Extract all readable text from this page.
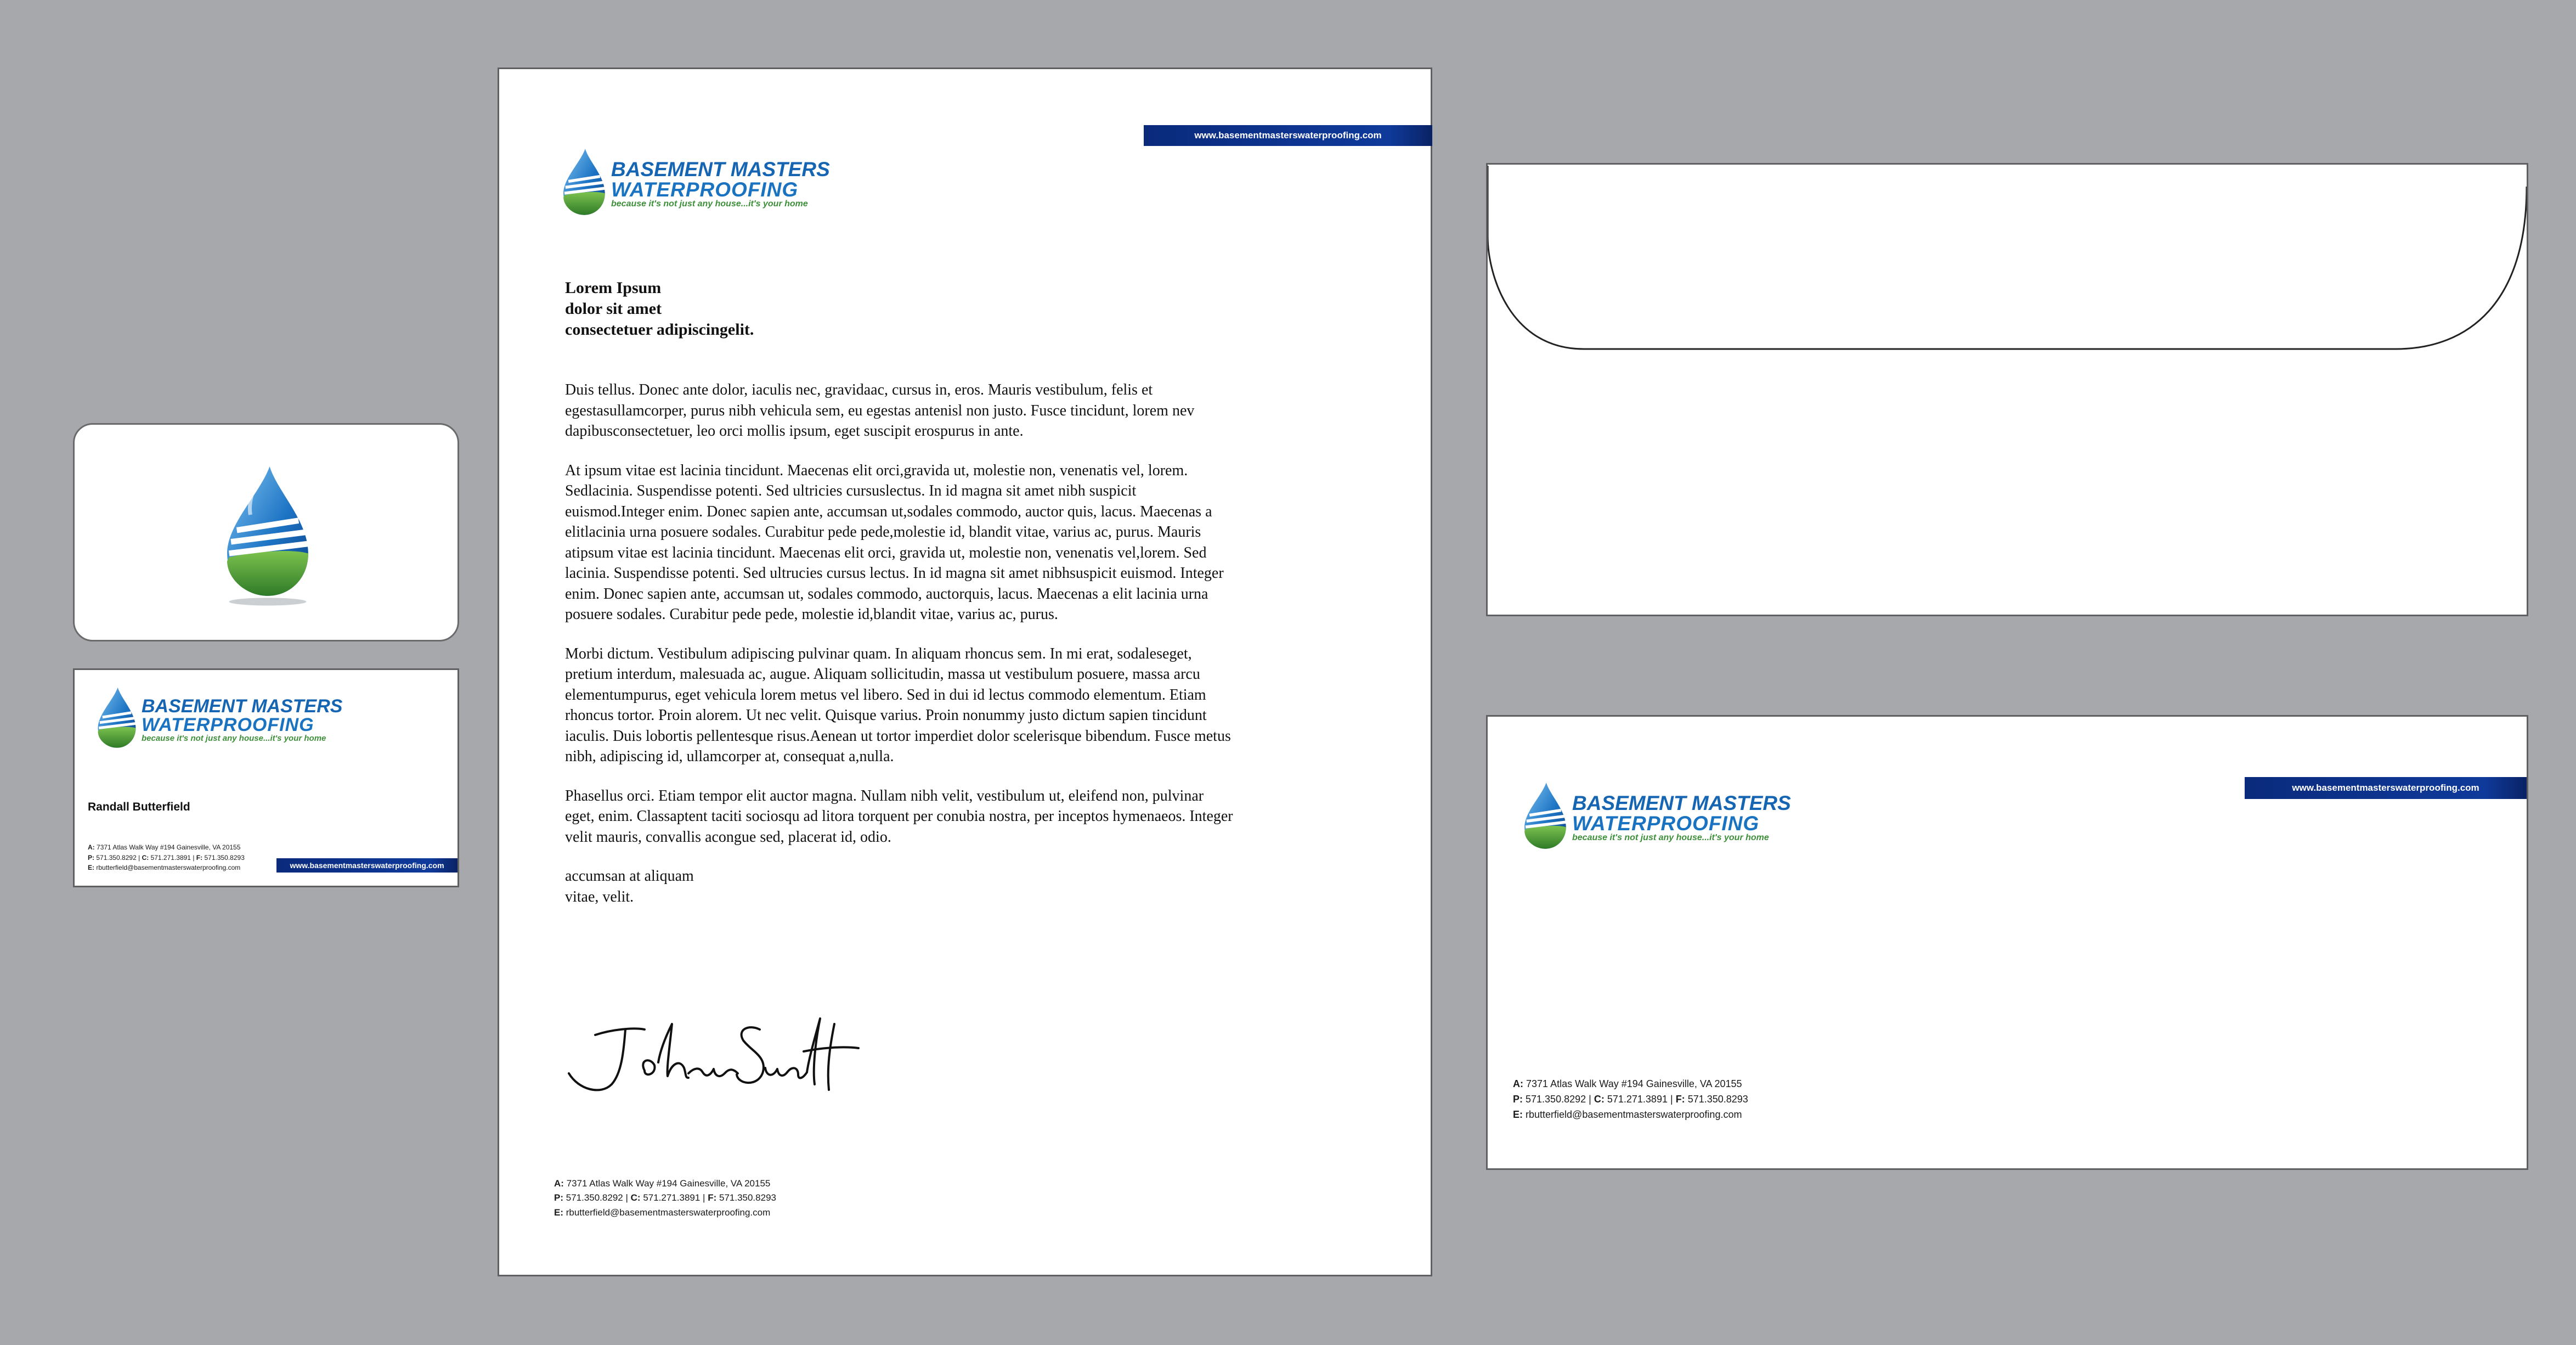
BASEMENT MASTERS
WATERPROOFING
because it's not just any house...it's your home
Randall Butterfield
A: 7371 Atlas Walk Way #194 Gainesville, VA 20155
P: 571.350.8292 | C: 571.271.3891 | F: 571.350.8293
E: rbutterfield@basementmasterswaterproofing.com	www.basementmasterswaterproofing.com
www.basementmasterswaterproofing.com
BASEMENT MASTERS
WATERPROOFING
because it's not just any house...it's your home
Lorem Ipsum
dolor sit amet
consectetuer adipiscingelit.

Duis tellus. Donec ante dolor, iaculis nec, gravidaac, cursus in, eros. Mauris vestibulum, felis et egestasullamcorper, purus nibh vehicula sem, eu egestas antenisl non justo. Fusce tincidunt, lorem nev dapibusconsectetuer, leo orci mollis ipsum, eget suscipit erospurus in ante.

At ipsum vitae est lacinia tincidunt. Maecenas elit orci,gravida ut, molestie non, venenatis vel, lorem. Sedlacinia. Suspendisse potenti. Sed ultricies cursuslectus. In id magna sit amet nibh suspicit euismod.Integer enim. Donec sapien ante, accumsan ut,sodales commodo, auctor quis, lacus. Maecenas a elitlacinia urna posuere sodales. Curabitur pede pede,molestie id, blandit vitae, varius ac, purus. Mauris atipsum vitae est lacinia tincidunt. Maecenas elit orci, gravida ut, molestie non, venenatis vel,lorem. Sed lacinia. Suspendisse potenti. Sed ultrucies cursus lectus. In id magna sit amet nibhsuspicit euismod. Integer enim. Donec sapien ante, accumsan ut, sodales commodo, auctorquis, lacus. Maecenas a elit lacinia urna posuere sodales. Curabitur pede pede, molestie id,blandit vitae, varius ac, purus.

Morbi dictum. Vestibulum adipiscing pulvinar quam. In aliquam rhoncus sem. In mi erat, sodaleseget, pretium interdum, malesuada ac, augue. Aliquam sollicitudin, massa ut vestibulum posuere, massa arcu elementumpurus, eget vehicula lorem metus vel libero. Sed in dui id lectus commodo elementum. Etiam rhoncus tortor. Proin alorem. Ut nec velit. Quisque varius. Proin nonummy justo dictum sapien tincidunt iaculis. Duis lobortis pellentesque risus.Aenean ut tortor imperdiet dolor scelerisque bibendum. Fusce metus nibh, adipiscing id, ullamcorper at, consequat a,nulla.

Phasellus orci. Etiam tempor elit auctor magna. Nullam nibh velit, vestibulum ut, eleifend non, pulvinar eget, enim. Classaptent taciti sociosqu ad litora torquent per conubia nostra, per inceptos hymenaeos. Integer velit mauris, convallis acongue sed, placerat id, odio.

accumsan at aliquam
vitae, velit.

A: 7371 Atlas Walk Way #194 Gainesville, VA 20155
P: 571.350.8292 | C: 571.271.3891 | F: 571.350.8293
E: rbutterfield@basementmasterswaterproofing.com
www.basementmasterswaterproofing.com
BASEMENT MASTERS
WATERPROOFING
because it's not just any house...it's your home
A: 7371 Atlas Walk Way #194 Gainesville, VA 20155
P: 571.350.8292 | C: 571.271.3891 | F: 571.350.8293
E: rbutterfield@basementmasterswaterproofing.com
